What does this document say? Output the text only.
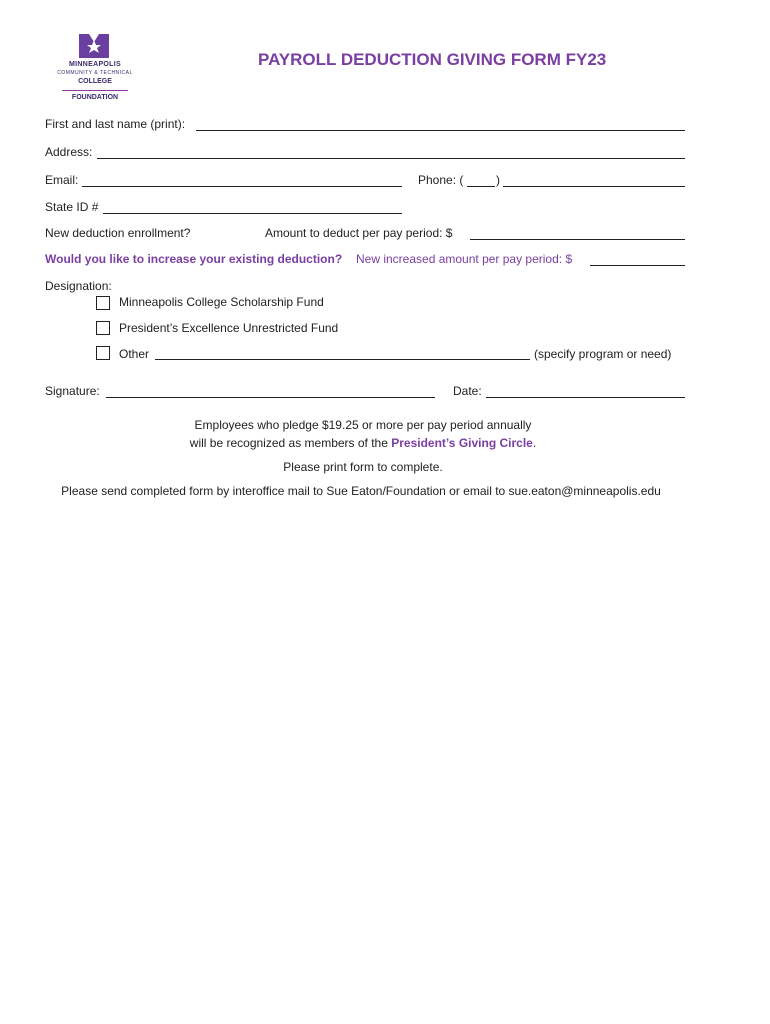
MINNEAPOLIS
COMMUNITY & TECHNICAL
COLLEGE
FOUNDATION
PAYROLL DEDUCTION GIVING FORM FY23
First and last name (print):
Address:
Email:	Phone: (	)
State ID #
New deduction enrollment?	Amount to deduct per pay period: $
Would you like to increase your existing deduction? New increased amount per pay period: $
Designation:
Minneapolis College Scholarship Fund
President’s Excellence Unrestricted Fund
Other	(specify program or need)
Signature:	Date:
Employees who pledge $19.25 or more per pay period annually
will be recognized as members of the President’s Giving Circle.
Please print form to complete.
Please send completed form by interoffice mail to Sue Eaton/Foundation or email to sue.eaton@minneapolis.edu
